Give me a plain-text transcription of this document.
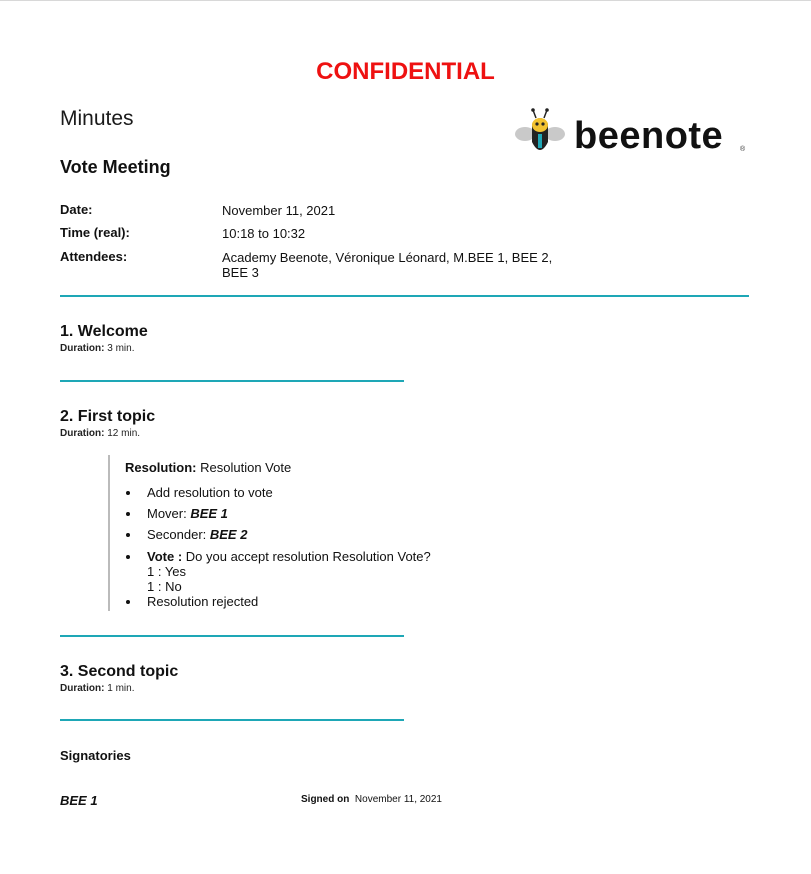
CONFIDENTIAL
Minutes
Vote Meeting
beenote ®
Date:	November 11, 2021
Time (real):	10:18 to 10:32
Attendees:	Academy Beenote, Véronique Léonard, M.BEE 1, BEE 2, BEE 3
1. Welcome
Duration: 3 min.
2. First topic
Duration: 12 min.
Resolution: Resolution Vote
Add resolution to vote
Mover: BEE 1
Seconder: BEE 2
Vote : Do you accept resolution Resolution Vote?
1 : Yes
1 : No
Resolution rejected
3. Second topic
Duration: 1 min.
Signatories
BEE 1	Signed on November 11, 2021
